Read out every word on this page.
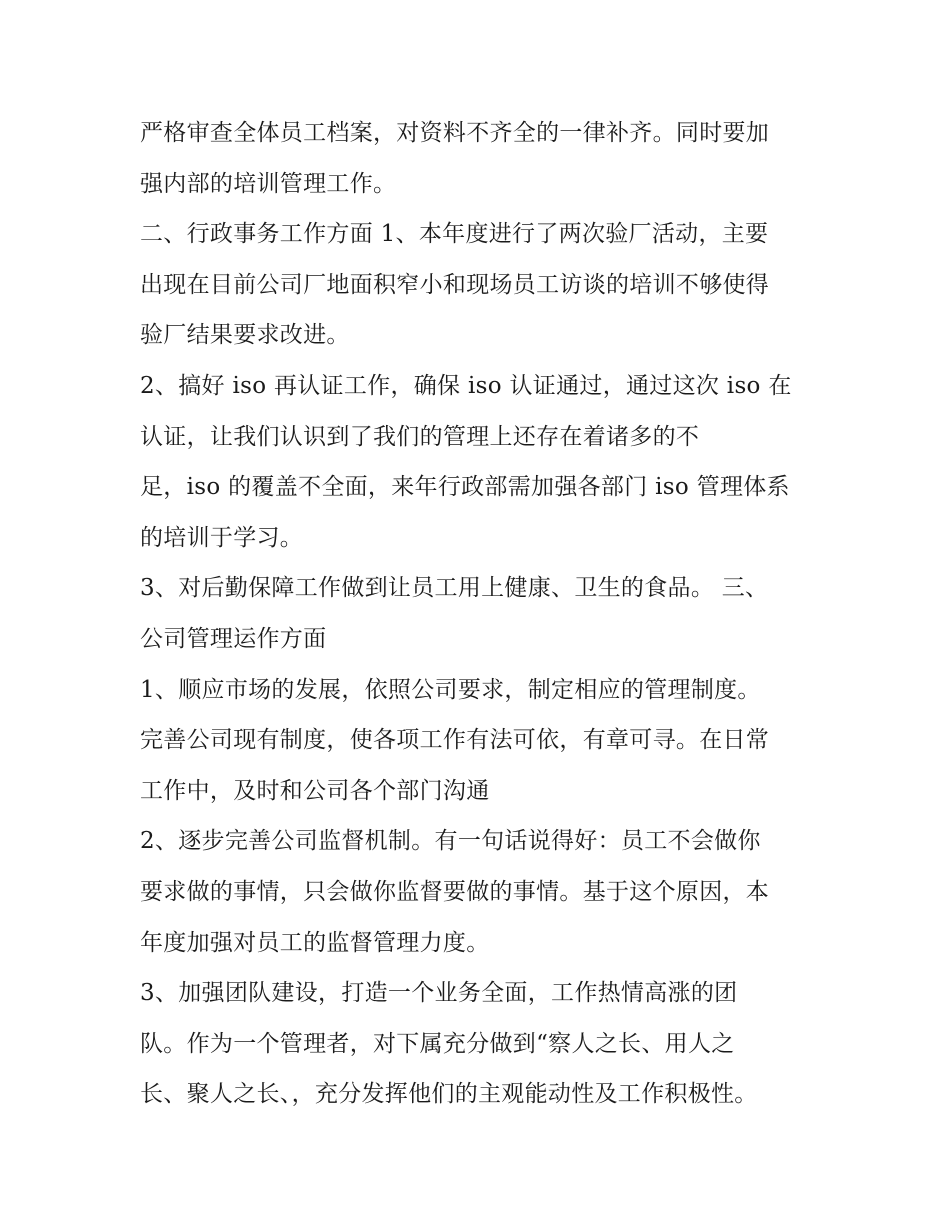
严格审查全体员工档案，对资料不齐全的一律补齐。同时要加
强内部的培训管理工作。
二、行政事务工作方面 1、本年度进行了两次验厂活动，主要
出现在目前公司厂地面积窄小和现场员工访谈的培训不够使得
验厂结果要求改进。
2、搞好 iso 再认证工作，确保 iso 认证通过，通过这次 iso 在
认证，让我们认识到了我们的管理上还存在着诸多的不
足，iso 的覆盖不全面，来年行政部需加强各部门 iso 管理体系
的培训于学习。
3、对后勤保障工作做到让员工用上健康、卫生的食品。 三、
公司管理运作方面
1、顺应市场的发展，依照公司要求，制定相应的管理制度。
完善公司现有制度，使各项工作有法可依，有章可寻。在日常
工作中，及时和公司各个部门沟通
2、逐步完善公司监督机制。有一句话说得好：员工不会做你
要求做的事情，只会做你监督要做的事情。基于这个原因，本
年度加强对员工的监督管理力度。
3、加强团队建设，打造一个业务全面，工作热情高涨的团
队。作为一个管理者，对下属充分做到“察人之长、用人之
长、聚人之长、，充分发挥他们的主观能动性及工作积极性。
